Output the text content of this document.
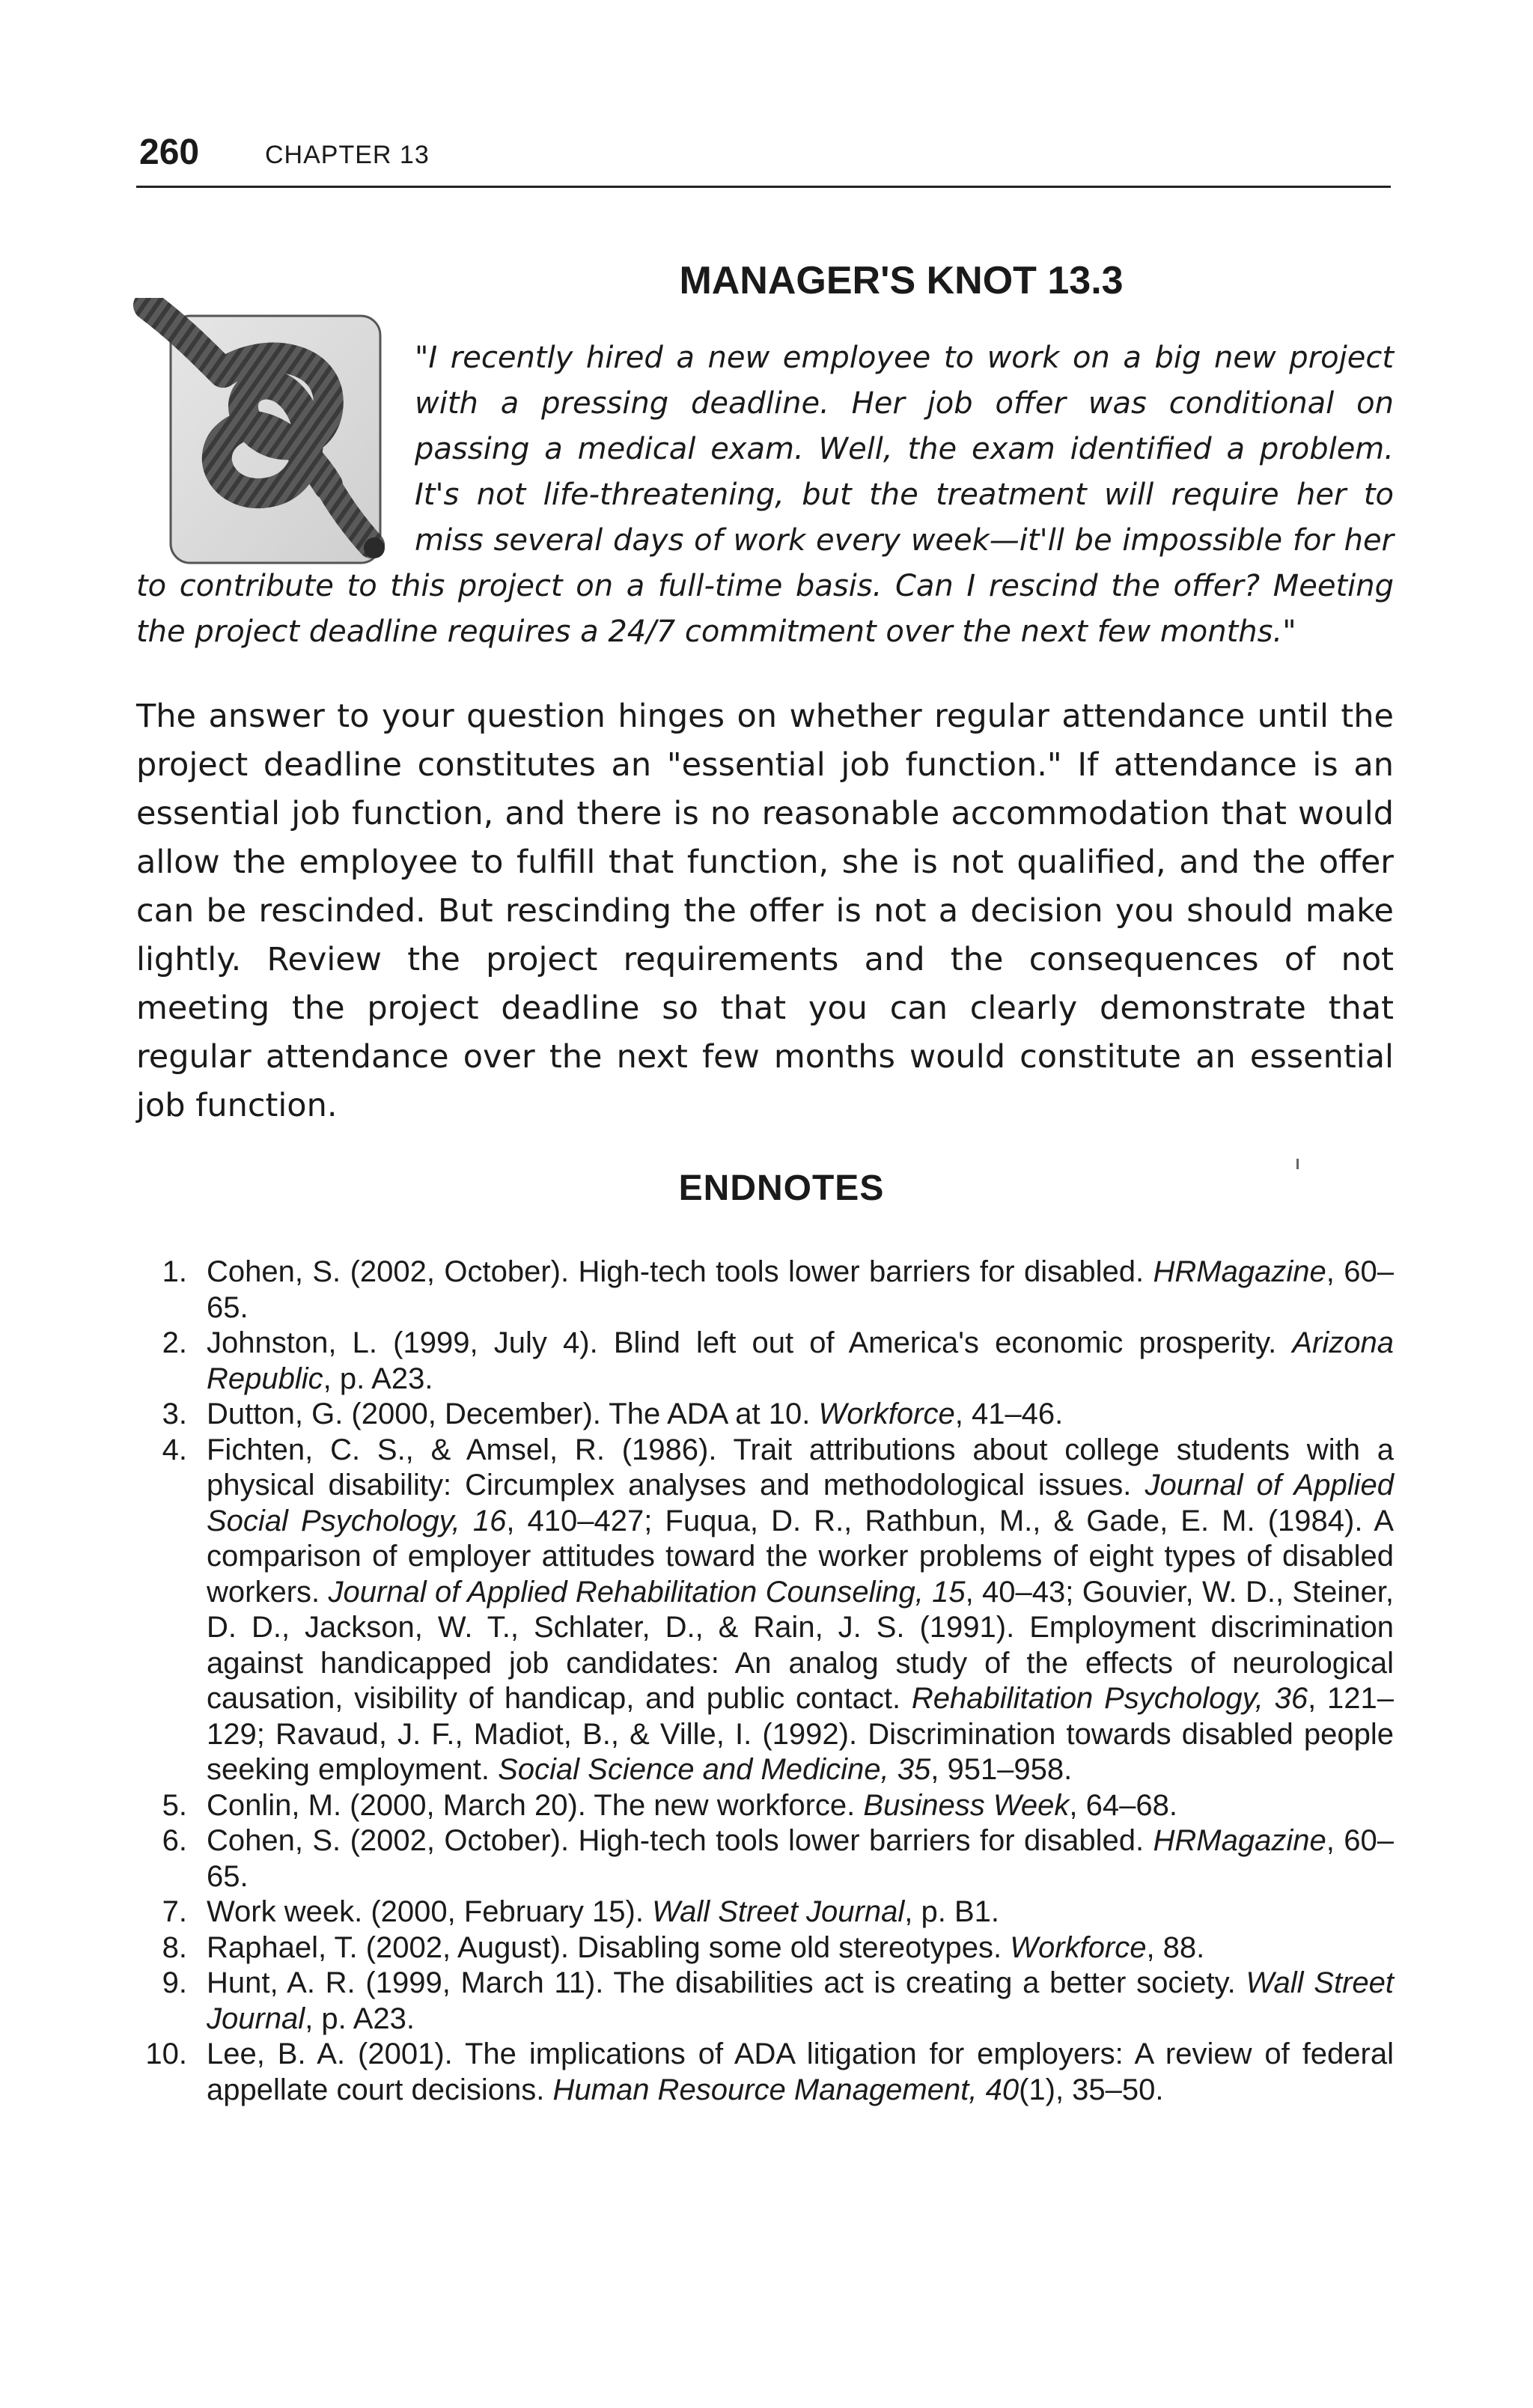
260	CHAPTER 13
MANAGER'S KNOT 13.3

"I recently hired a new employee to work on a big new project with a pressing deadline. Her job offer was conditional on passing a medical exam. Well, the exam identified a problem. It's not life-threatening, but the treatment will require her to miss several days of work every week—it'll be impossible for her to contribute to this project on a full-time basis. Can I rescind the offer? Meeting the project deadline requires a 24/7 commitment over the next few months."

The answer to your question hinges on whether regular attendance until the project deadline constitutes an "essential job function." If attendance is an essential job function, and there is no reasonable accommodation that would allow the employee to fulfill that function, she is not qualified, and the offer can be rescinded. But rescinding the offer is not a decision you should make lightly. Review the project requirements and the consequences of not meeting the project deadline so that you can clearly demonstrate that regular attendance over the next few months would constitute an essential job function.

ENDNOTES
1. Cohen, S. (2002, October). High-tech tools lower barriers for disabled. HRMagazine, 60–65.
2. Johnston, L. (1999, July 4). Blind left out of America's economic prosperity. Arizona Republic, p. A23.
3. Dutton, G. (2000, December). The ADA at 10. Workforce, 41–46.
4. Fichten, C. S., & Amsel, R. (1986). Trait attributions about college students with a physical disability: Circumplex analyses and methodological issues. Journal of Applied Social Psychology, 16, 410–427; Fuqua, D. R., Rathbun, M., & Gade, E. M. (1984). A comparison of employer attitudes toward the worker problems of eight types of disabled workers. Journal of Applied Rehabilitation Counseling, 15, 40–43; Gouvier, W. D., Steiner, D. D., Jackson, W. T., Schlater, D., & Rain, J. S. (1991). Employment discrimination against handicapped job candidates: An analog study of the effects of neurological causation, visibility of handicap, and public contact. Rehabilitation Psychology, 36, 121–129; Ravaud, J. F., Madiot, B., & Ville, I. (1992). Discrimination towards disabled people seeking employment. Social Science and Medicine, 35, 951–958.
5. Conlin, M. (2000, March 20). The new workforce. Business Week, 64–68.
6. Cohen, S. (2002, October). High-tech tools lower barriers for disabled. HRMagazine, 60–65.
7. Work week. (2000, February 15). Wall Street Journal, p. B1.
8. Raphael, T. (2002, August). Disabling some old stereotypes. Workforce, 88.
9. Hunt, A. R. (1999, March 11). The disabilities act is creating a better society. Wall Street Journal, p. A23.
10. Lee, B. A. (2001). The implications of ADA litigation for employers: A review of federal appellate court decisions. Human Resource Management, 40(1), 35–50.
